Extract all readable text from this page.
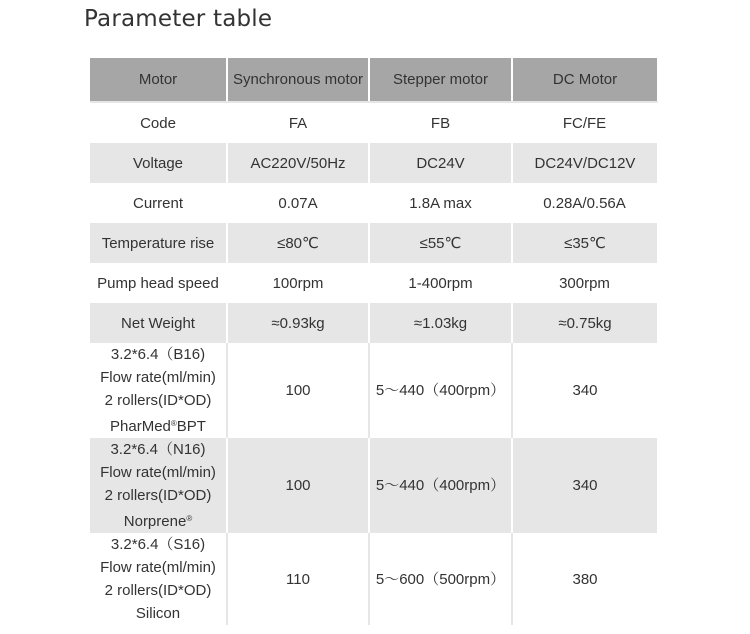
Parameter table
Motor	Synchronous motor	Stepper motor	DC Motor
Code	FA	FB	FC/FE
Voltage	AC220V/50Hz	DC24V	DC24V/DC12V
Current	0.07A	1.8A max	0.28A/0.56A
Temperature rise	≤80℃	≤55℃	≤35℃
Pump head speed	100rpm	1-400rpm	300rpm
Net Weight	≈0.93kg	≈1.03kg	≈0.75kg

3.2*6.4（B16)
Flow rate(ml/min)
2 rollers(ID*OD)
PharMed®BPT	100	5～440（400rpm）	340

3.2*6.4（N16)
Flow rate(ml/min)
2 rollers(ID*OD)
Norprene®	100	5～440（400rpm）	340

3.2*6.4（S16)
Flow rate(ml/min)
2 rollers(ID*OD)
Silicon	110	5～600（500rpm）	380
